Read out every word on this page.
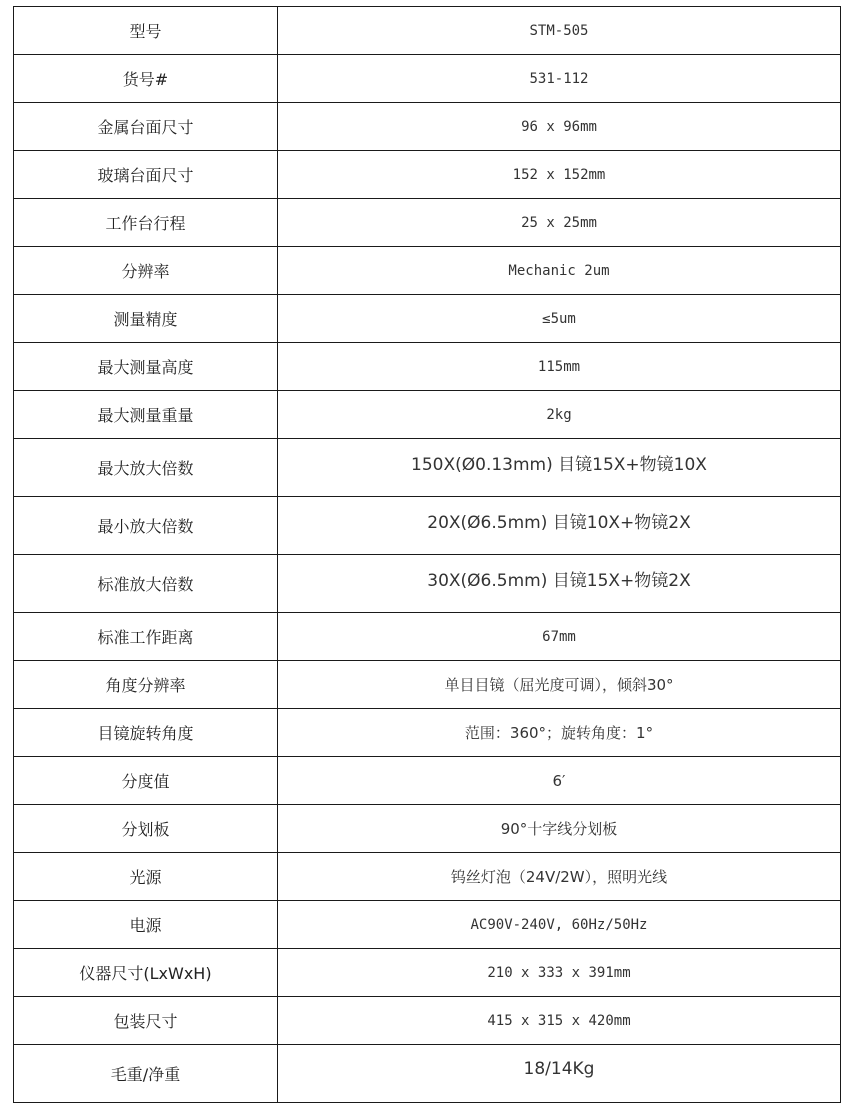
型号	STM-505
货号#	531-112
金属台面尺寸	96 x 96mm
玻璃台面尺寸	152 x 152mm
工作台行程	25 x 25mm
分辨率	Mechanic 2um
测量精度	≤5um
最大测量高度	115mm
最大测量重量	2kg
最大放大倍数	150X(Ø0.13mm) 目镜15X+物镜10X
最小放大倍数	20X(Ø6.5mm) 目镜10X+物镜2X
标准放大倍数	30X(Ø6.5mm) 目镜15X+物镜2X
标准工作距离	67mm
角度分辨率	单目目镜（屈光度可调），倾斜30°
目镜旋转角度	范围：360°；旋转角度：1°
分度值	6′
分划板	90°十字线分划板
光源	钨丝灯泡（24V/2W），照明光线
电源	AC90V-240V, 60Hz/50Hz
仪器尺寸(LxWxH)	210 x 333 x 391mm
包装尺寸	415 x 315 x 420mm
毛重/净重	18/14Kg
